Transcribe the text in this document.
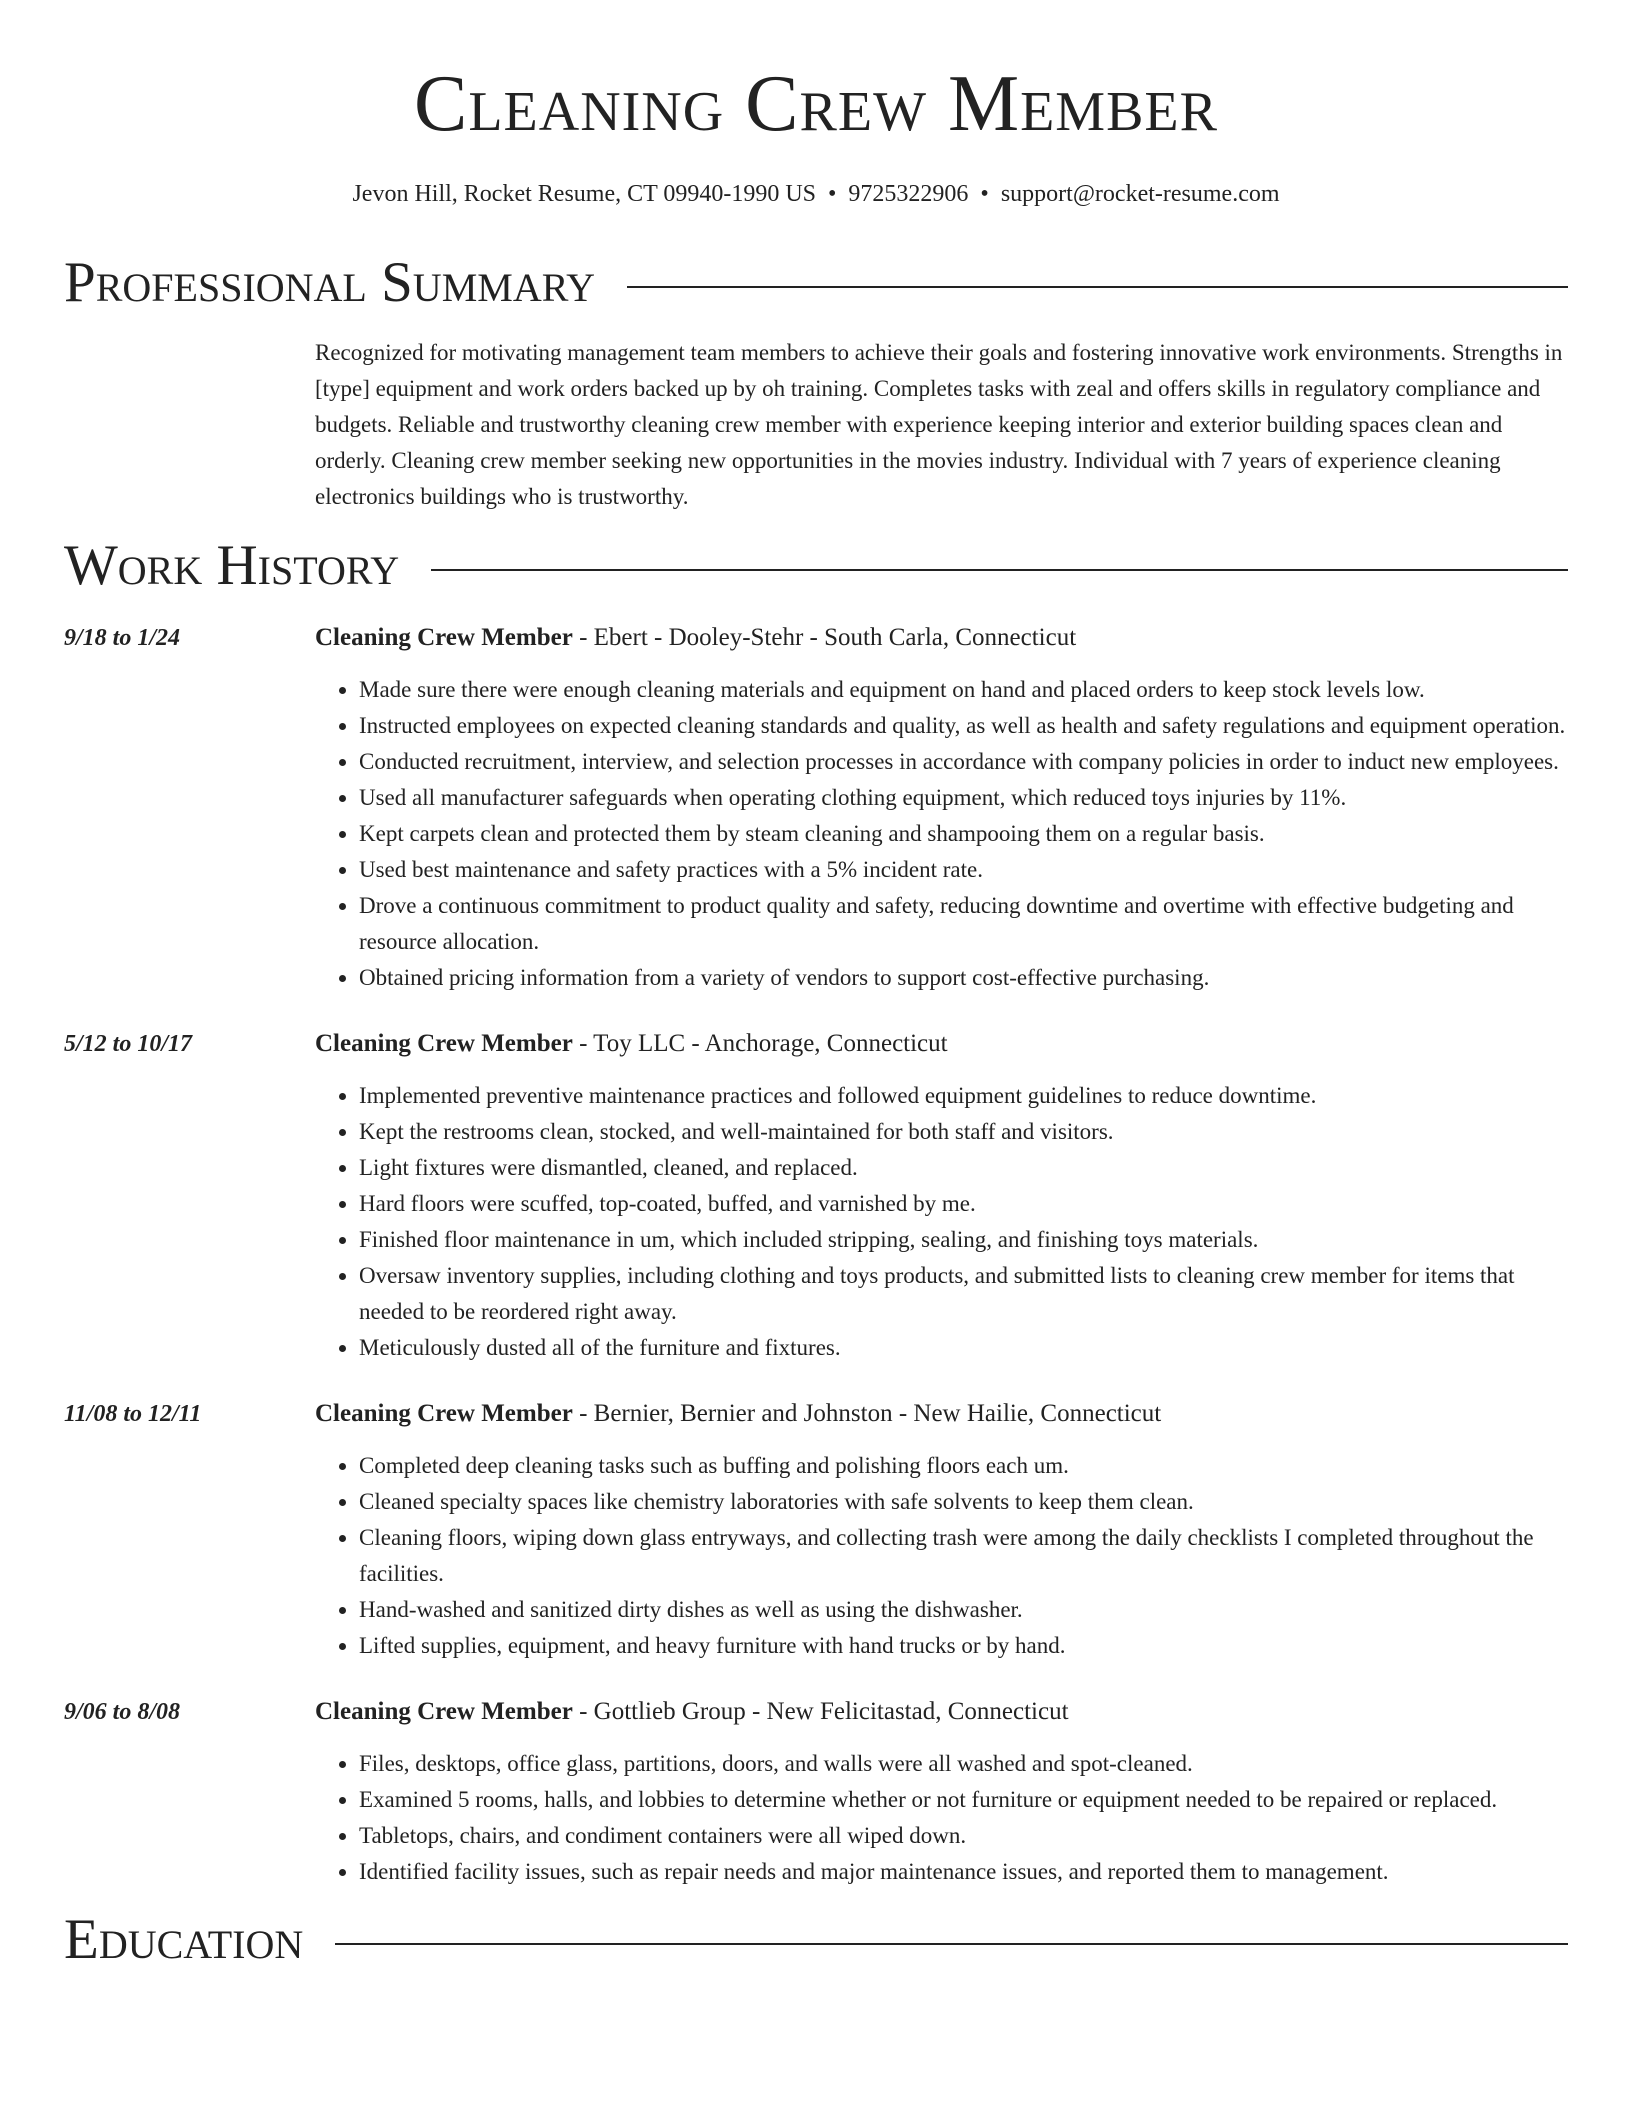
Cleaning Crew Member
Jevon Hill, Rocket Resume, CT 09940-1990 US • 9725322906 • support@rocket-resume.com
Professional Summary

Recognized for motivating management team members to achieve their goals and fostering innovative work environments. Strengths in [type] equipment and work orders backed up by oh training. Completes tasks with zeal and offers skills in regulatory compliance and budgets. Reliable and trustworthy cleaning crew member with experience keeping interior and exterior building spaces clean and orderly. Cleaning crew member seeking new opportunities in the movies industry. Individual with 7 years of experience cleaning electronics buildings who is trustworthy.

Work History
9/18 to 1/24	Cleaning Crew Member - Ebert - Dooley-Stehr - South Carla, Connecticut
• Made sure there were enough cleaning materials and equipment on hand and placed orders to keep stock levels low.
• Instructed employees on expected cleaning standards and quality, as well as health and safety regulations and equipment operation.
• Conducted recruitment, interview, and selection processes in accordance with company policies in order to induct new employees.
• Used all manufacturer safeguards when operating clothing equipment, which reduced toys injuries by 11%.
• Kept carpets clean and protected them by steam cleaning and shampooing them on a regular basis.
• Used best maintenance and safety practices with a 5% incident rate.
• Drove a continuous commitment to product quality and safety, reducing downtime and overtime with effective budgeting and resource allocation.
• Obtained pricing information from a variety of vendors to support cost-effective purchasing.
5/12 to 10/17	Cleaning Crew Member - Toy LLC - Anchorage, Connecticut
• Implemented preventive maintenance practices and followed equipment guidelines to reduce downtime.
• Kept the restrooms clean, stocked, and well-maintained for both staff and visitors.
• Light fixtures were dismantled, cleaned, and replaced.
• Hard floors were scuffed, top-coated, buffed, and varnished by me.
• Finished floor maintenance in um, which included stripping, sealing, and finishing toys materials.
• Oversaw inventory supplies, including clothing and toys products, and submitted lists to cleaning crew member for items that needed to be reordered right away.
• Meticulously dusted all of the furniture and fixtures.
11/08 to 12/11	Cleaning Crew Member - Bernier, Bernier and Johnston - New Hailie, Connecticut
• Completed deep cleaning tasks such as buffing and polishing floors each um.
• Cleaned specialty spaces like chemistry laboratories with safe solvents to keep them clean.
• Cleaning floors, wiping down glass entryways, and collecting trash were among the daily checklists I completed throughout the facilities.
• Hand-washed and sanitized dirty dishes as well as using the dishwasher.
• Lifted supplies, equipment, and heavy furniture with hand trucks or by hand.
9/06 to 8/08	Cleaning Crew Member - Gottlieb Group - New Felicitastad, Connecticut
• Files, desktops, office glass, partitions, doors, and walls were all washed and spot-cleaned.
• Examined 5 rooms, halls, and lobbies to determine whether or not furniture or equipment needed to be repaired or replaced.
• Tabletops, chairs, and condiment containers were all wiped down.
• Identified facility issues, such as repair needs and major maintenance issues, and reported them to management.
Education
